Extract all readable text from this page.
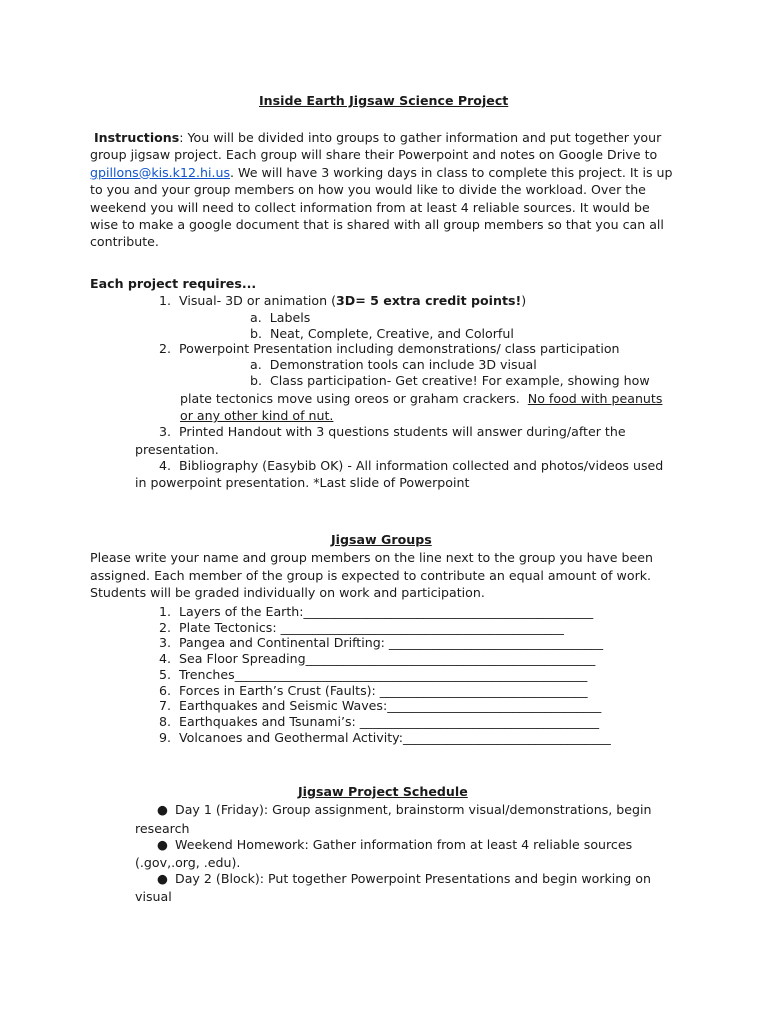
Inside Earth Jigsaw Science Project
Instructions: You will be divided into groups to gather information and put together your group jigsaw project. Each group will share their Powerpoint and notes on Google Drive to gpillons@kis.k12.hi.us. We will have 3 working days in class to complete this project. It is up to you and your group members on how you would like to divide the workload. Over the weekend you will need to collect information from at least 4 reliable sources. It would be wise to make a google document that is shared with all group members so that you can all contribute.
Each project requires...
1. Visual- 3D or animation (3D= 5 extra credit points!)
a. Labels
b. Neat, Complete, Creative, and Colorful
2. Powerpoint Presentation including demonstrations/ class participation
a. Demonstration tools can include 3D visual
b. Class participation- Get creative! For example, showing how
plate tectonics move using oreos or graham crackers. No food with peanuts
or any other kind of nut.
3. Printed Handout with 3 questions students will answer during/after the
presentation.
4. Bibliography (Easybib OK) - All information collected and photos/videos used
in powerpoint presentation. *Last slide of Powerpoint
Jigsaw Groups
Please write your name and group members on the line next to the group you have been
assigned. Each member of the group is expected to contribute an equal amount of work.
Students will be graded individually on work and participation.
1. Layers of the Earth:______________________________________________
2. Plate Tectonics: _____________________________________________
3. Pangea and Continental Drifting: __________________________________
4. Sea Floor Spreading______________________________________________
5. Trenches________________________________________________________
6. Forces in Earth’s Crust (Faults): _________________________________
7. Earthquakes and Seismic Waves:__________________________________
8. Earthquakes and Tsunami’s: ______________________________________
9. Volcanoes and Geothermal Activity:_________________________________
Jigsaw Project Schedule
● Day 1 (Friday): Group assignment, brainstorm visual/demonstrations, begin
research
● Weekend Homework: Gather information from at least 4 reliable sources
(.gov,.org, .edu).
● Day 2 (Block): Put together Powerpoint Presentations and begin working on
visual
